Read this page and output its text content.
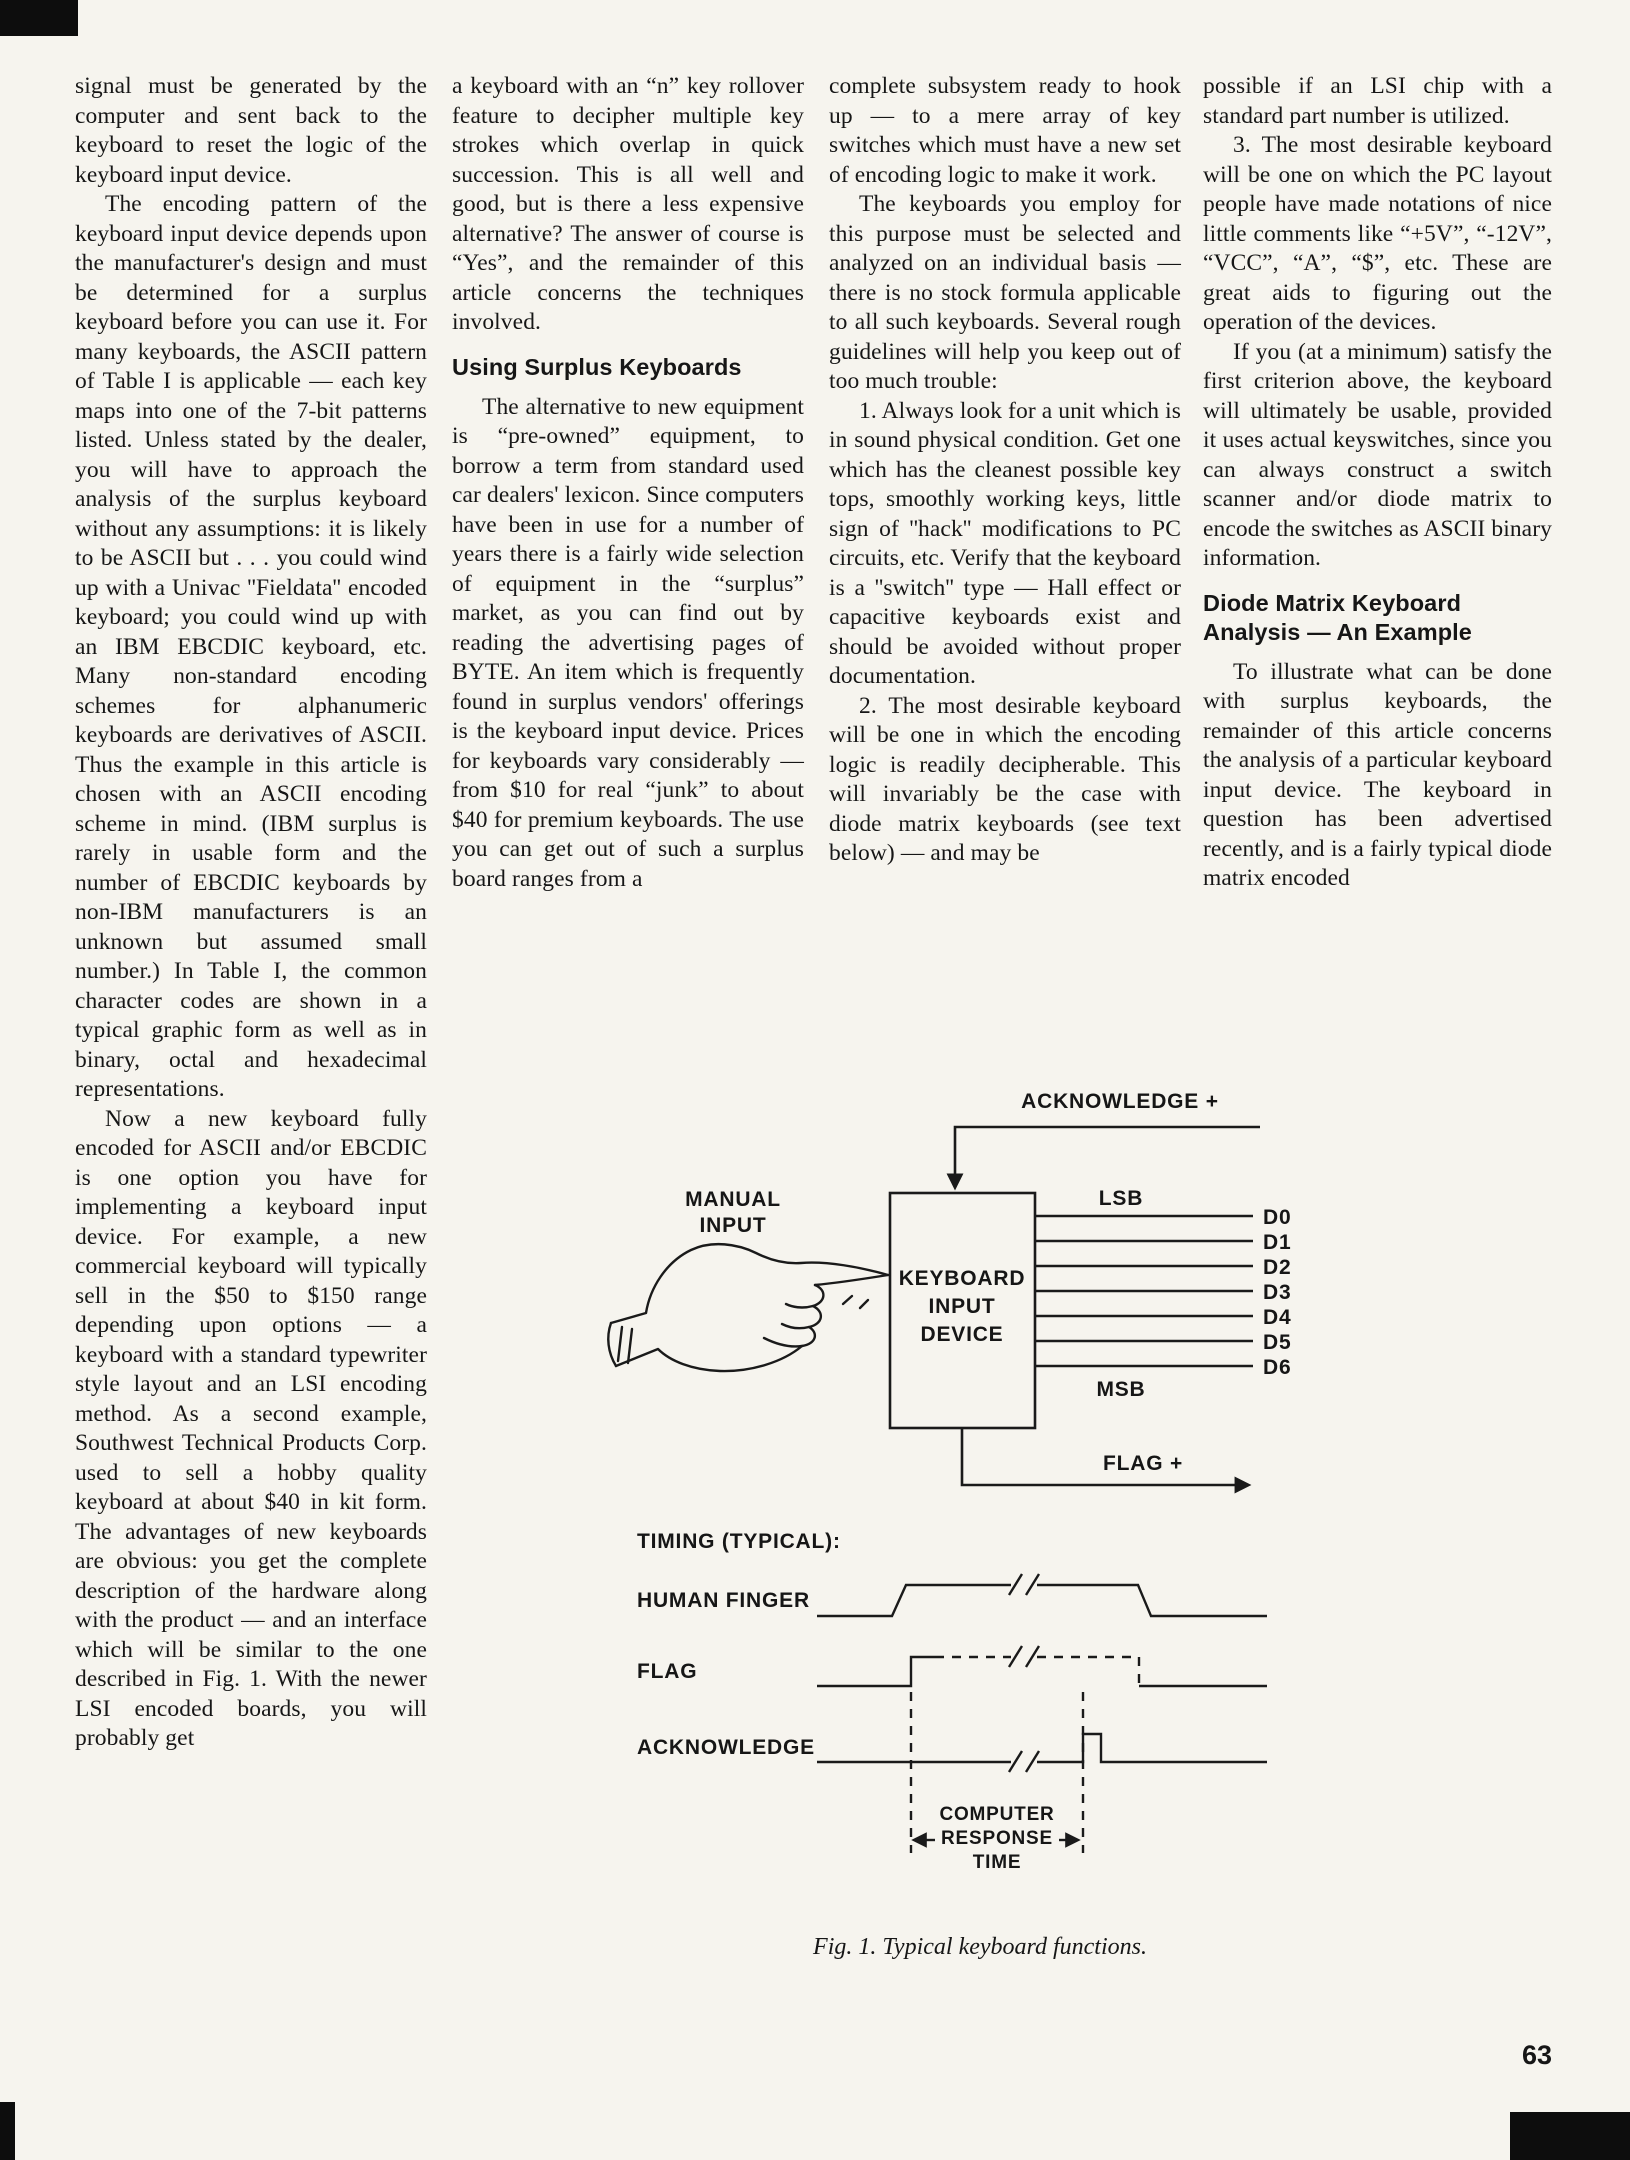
signal must be generated by the computer and sent back to the keyboard to reset the logic of the keyboard input device.

The encoding pattern of the keyboard input device depends upon the manufacturer's design and must be determined for a surplus keyboard before you can use it. For many keyboards, the ASCII pattern of Table I is applicable — each key maps into one of the 7-bit patterns listed. Unless stated by the dealer, you will have to approach the analysis of the surplus keyboard without any assumptions: it is likely to be ASCII but . . . you could wind up with a Univac ''Fieldata'' encoded keyboard; you could wind up with an IBM EBCDIC keyboard, etc. Many non-standard encoding schemes for alphanumeric keyboards are derivatives of ASCII. Thus the example in this article is chosen with an ASCII encoding scheme in mind. (IBM surplus is rarely in usable form and the number of EBCDIC keyboards by non-IBM manufacturers is an unknown but assumed small number.) In Table I, the common character codes are shown in a typical graphic form as well as in binary, octal and hexadecimal representations.

Now a new keyboard fully encoded for ASCII and/or EBCDIC is one option you have for implementing a keyboard input device. For example, a new commercial keyboard will typically sell in the $50 to $150 range depending upon options — a keyboard with a standard typewriter style layout and an LSI encoding method. As a second example, Southwest Technical Products Corp. used to sell a hobby quality keyboard at about $40 in kit form. The advantages of new keyboards are obvious: you get the complete description of the hardware along with the product — and an interface which will be similar to the one described in Fig. 1. With the newer LSI encoded boards, you will probably get

a keyboard with an “n” key rollover feature to decipher multiple key strokes which overlap in quick succession. This is all well and good, but is there a less expensive alternative? The answer of course is “Yes”, and the remainder of this article concerns the techniques involved.

Using Surplus Keyboards

The alternative to new equipment is “pre-owned” equipment, to borrow a term from standard used car dealers' lexicon. Since computers have been in use for a number of years there is a fairly wide selection of equipment in the “surplus” market, as you can find out by reading the advertising pages of BYTE. An item which is frequently found in surplus vendors' offerings is the keyboard input device. Prices for keyboards vary considerably — from $10 for real “junk” to about $40 for premium keyboards. The use you can get out of such a surplus board ranges from a

complete subsystem ready to hook up — to a mere array of key switches which must have a new set of encoding logic to make it work.

The keyboards you employ for this purpose must be selected and analyzed on an individual basis — there is no stock formula applicable to all such keyboards. Several rough guidelines will help you keep out of too much trouble:

1. Always look for a unit which is in sound physical condition. Get one which has the cleanest possible key tops, smoothly working keys, little sign of ''hack'' modifications to PC circuits, etc. Verify that the keyboard is a ''switch'' type — Hall effect or capacitive keyboards exist and should be avoided without proper documentation.

2. The most desirable keyboard will be one in which the encoding logic is readily decipherable. This will invariably be the case with diode matrix keyboards (see text below) — and may be

possible if an LSI chip with a standard part number is utilized.

3. The most desirable keyboard will be one on which the PC layout people have made notations of nice little comments like “+5V”, “-12V”, “VCC”, “A”, “$”, etc. These are great aids to figuring out the operation of the devices.

If you (at a minimum) satisfy the first criterion above, the keyboard will ultimately be usable, provided it uses actual keyswitches, since you can always construct a switch scanner and/or diode matrix to encode the switches as ASCII binary information.

Diode Matrix Keyboard Analysis — An Example

To illustrate what can be done with surplus keyboards, the remainder of this article concerns the analysis of a particular keyboard input device. The keyboard in question has been advertised recently, and is a fairly typical diode matrix encoded

ACKNOWLEDGE +
KEYBOARD
INPUT
DEVICE
MANUAL
INPUT	D0
D1
D2
D3
D4
D5
D6
LSB
MSB
FLAG +
TIMING (TYPICAL):
HUMAN FINGER
FLAG
ACKNOWLEDGE
COMPUTER
RESPONSE
TIME
Fig. 1. Typical keyboard functions.
63
